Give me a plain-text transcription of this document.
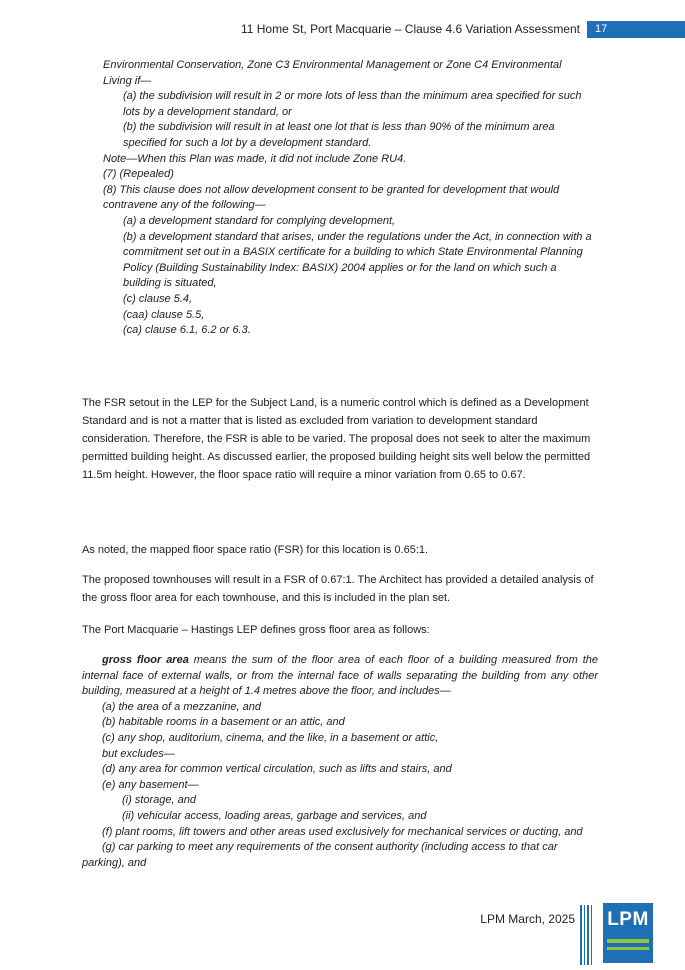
11 Home St, Port Macquarie – Clause 4.6 Variation Assessment	17

Environmental Conservation, Zone C3 Environmental Management or Zone C4 Environmental Living if—

(a) the subdivision will result in 2 or more lots of less than the minimum area specified for such lots by a development standard, or

(b) the subdivision will result in at least one lot that is less than 90% of the minimum area specified for such a lot by a development standard.

Note—When this Plan was made, it did not include Zone RU4.

(7) (Repealed)

(8) This clause does not allow development consent to be granted for development that would contravene any of the following—

(a) a development standard for complying development,

(b) a development standard that arises, under the regulations under the Act, in connection with a commitment set out in a BASIX certificate for a building to which State Environmental Planning Policy (Building Sustainability Index: BASIX) 2004 applies or for the land on which such a building is situated,

(c) clause 5.4,

(caa) clause 5.5,

(ca) clause 6.1, 6.2 or 6.3.

The FSR setout in the LEP for the Subject Land, is a numeric control which is defined as a Development Standard and is not a matter that is listed as excluded from variation to development standard consideration. Therefore, the FSR is able to be varied. The proposal does not seek to alter the maximum permitted building height. As discussed earlier, the proposed building height sits well below the permitted 11.5m height. However, the floor space ratio will require a minor variation from 0.65 to 0.67.

As noted, the mapped floor space ratio (FSR) for this location is 0.65:1.

The proposed townhouses will result in a FSR of 0.67:1. The Architect has provided a detailed analysis of the gross floor area for each townhouse, and this is included in the plan set.

The Port Macquarie – Hastings LEP defines gross floor area as follows:

gross floor area means the sum of the floor area of each floor of a building measured from the internal face of external walls, or from the internal face of walls separating the building from any other building, measured at a height of 1.4 metres above the floor, and includes—

(a) the area of a mezzanine, and

(b) habitable rooms in a basement or an attic, and

(c) any shop, auditorium, cinema, and the like, in a basement or attic,

but excludes—

(d) any area for common vertical circulation, such as lifts and stairs, and

(e) any basement—

(i) storage, and

(ii) vehicular access, loading areas, garbage and services, and

(f) plant rooms, lift towers and other areas used exclusively for mechanical services or ducting, and

(g) car parking to meet any requirements of the consent authority (including access to that car parking), and

LPM March, 2025 LPM
